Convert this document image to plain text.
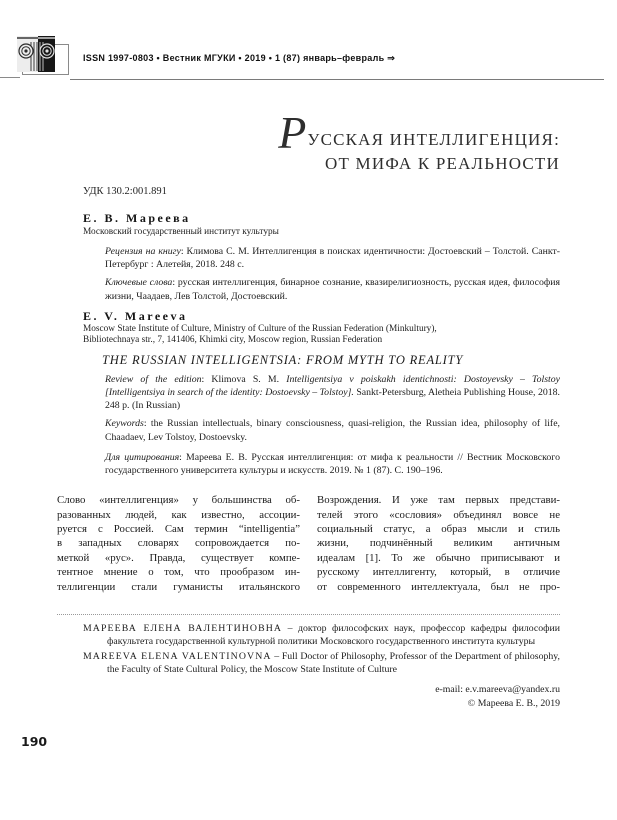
ISSN 1997-0803 • Вестник МГУКИ • 2019 • 1 (87) январь–февраль ⇒
Р УССКАЯ ИНТЕЛЛИГЕНЦИЯ:
ОТ МИФА К РЕАЛЬНОСТИ
УДК 130.2:001.891
Е. В. Мареева
Московский государственный институт культуры
Рецензия на книгу: Климова С. М. Интеллигенция в поисках идентичности: Достоевский – Толстой. Санкт-Петербург : Алетейя, 2018. 248 с.
Ключевые слова: русская интеллигенция, бинарное сознание, квазирелигиозность, русская идея, философия жизни, Чаадаев, Лев Толстой, Достоевский.
E. V. Mareeva
Moscow State Institute of Culture, Ministry of Culture of the Russian Federation (Minkultury),
Bibliotechnaya str., 7, 141406, Khimki city, Moscow region, Russian Federation
THE RUSSIAN INTELLIGENTSIA: FROM MYTH TO REALITY
Review of the edition: Klimova S. M. Intelligentsiya v poiskakh identichnosti: Dostoyevsky – Tolstoy [Intelligentsiya in search of the identity: Dostoevsky – Tolstoy]. Sankt-Petersburg, Aletheia Publishing House, 2018. 248 p. (In Russian)
Keywords: the Russian intellectuals, binary consciousness, quasi-religion, the Russian idea, philosophy of life, Chaadaev, Lev Tolstoy, Dostoevsky.
Для цитирования: Мареева Е. В. Русская интеллигенция: от мифа к реальности // Вестник Московского государственного университета культуры и искусств. 2019. № 1 (87). С. 190–196.
Слово «интеллигенция» у большинства об-
разованных людей, как известно, ассоции-
руется с Россией. Сам термин “intelligentia”
в западных словарях сопровождается по-
меткой «рус». Правда, существует компе-
тентное мнение о том, что прообразом ин-
теллигенции стали гуманисты итальянского
Возрождения. И уже там первых представи-
телей этого «сословия» объединял вовсе не
социальный статус, а образ мысли и стиль
жизни, подчинённый великим античным
идеалам [1]. То же обычно приписывают и
русскому интеллигенту, который, в отличие
от современного интеллектуала, был не про-
МАРЕЕВА ЕЛЕНА ВАЛЕНТИНОВНА – доктор философских наук, профессор кафедры философии факультета государственной культурной политики Московского государственного института культуры
MAREEVA ELENA VALENTINOVNA – Full Doctor of Philosophy, Professor of the Department of philosophy, the Faculty of State Cultural Policy, the Moscow State Institute of Culture
e-mail: e.v.mareeva@yandex.ru
© Мареева Е. В., 2019
190
